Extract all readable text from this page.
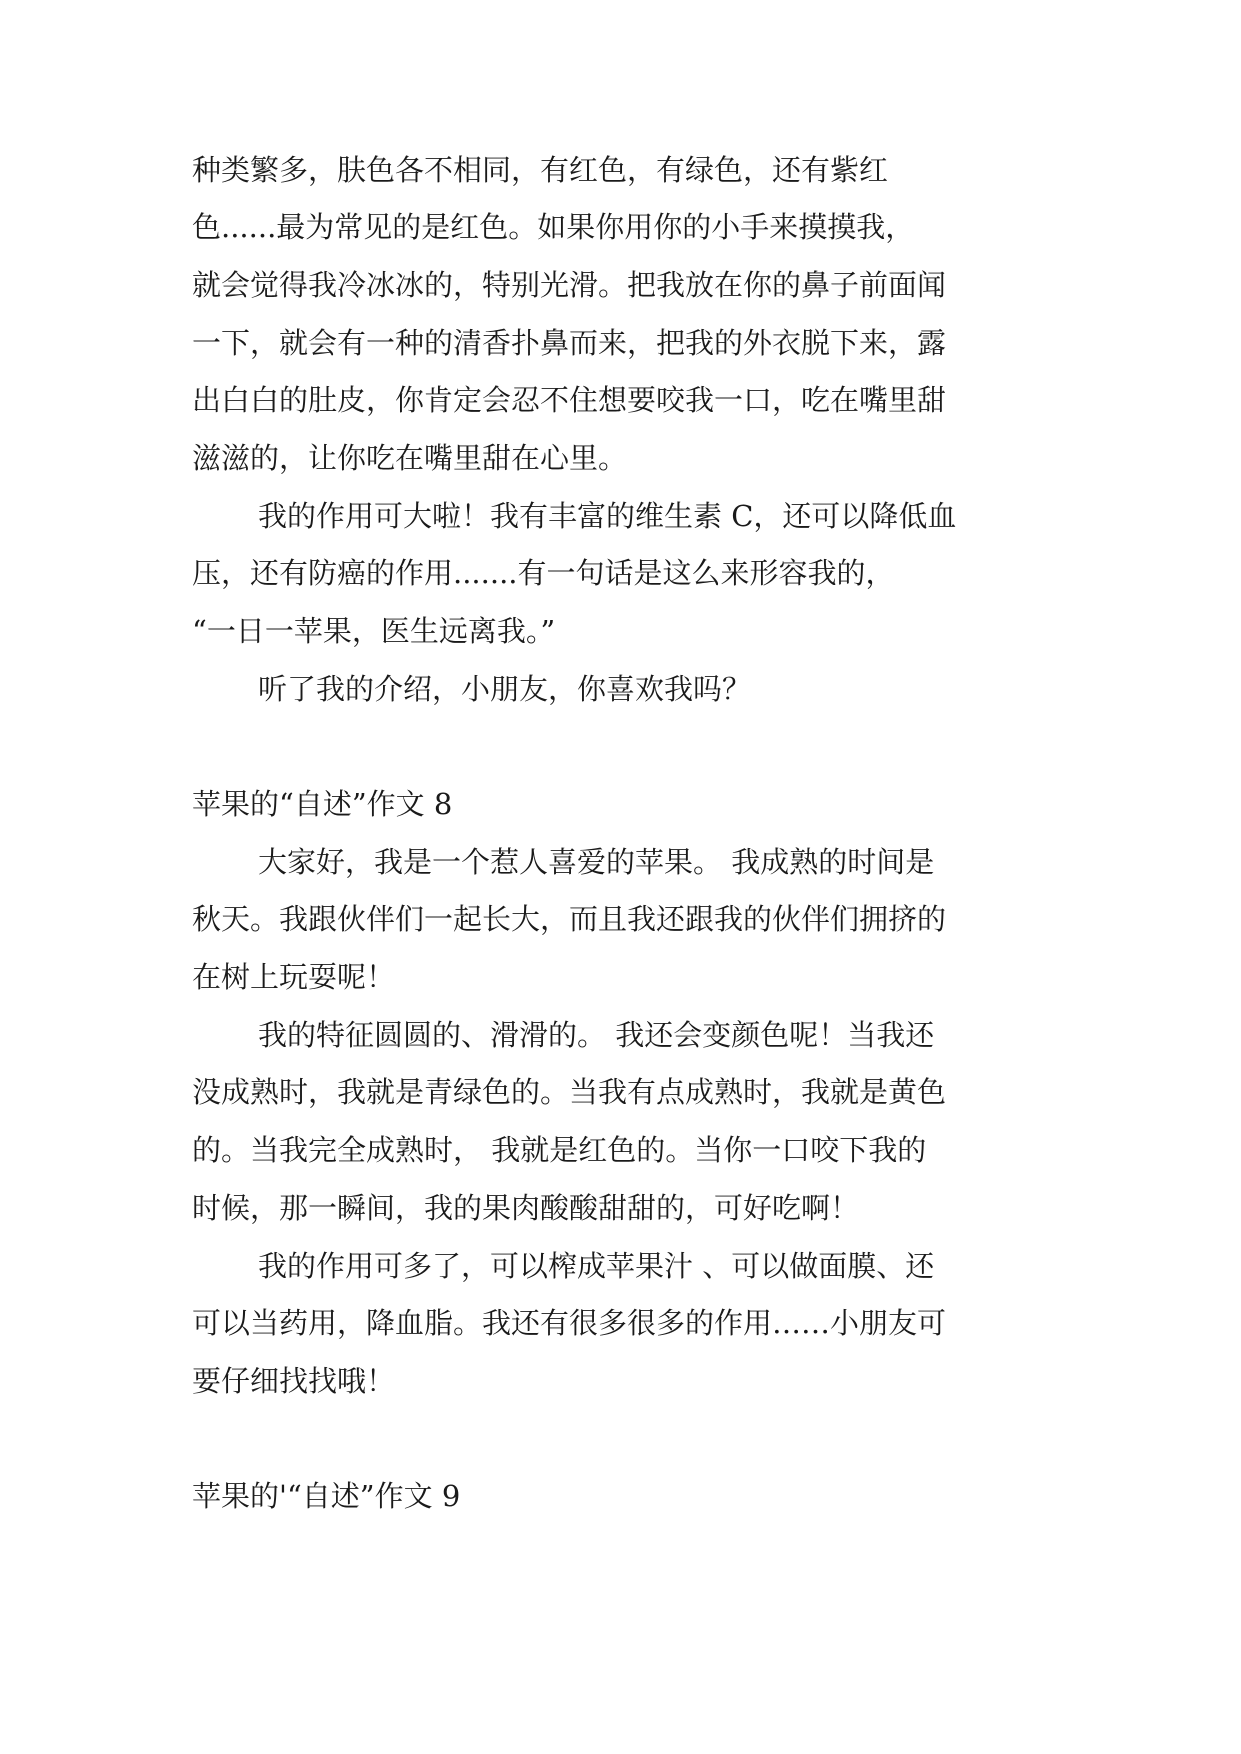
种类繁多，肤色各不相同，有红色，有绿色，还有紫红
色......最为常见的是红色。如果你用你的小手来摸摸我，
就会觉得我冷冰冰的，特别光滑。把我放在你的鼻子前面闻
一下，就会有一种的清香扑鼻而来，把我的外衣脱下来，露
出白白的肚皮，你肯定会忍不住想要咬我一口，吃在嘴里甜
滋滋的，让你吃在嘴里甜在心里。
我的作用可大啦！我有丰富的维生素 C，还可以降低血
压，还有防癌的作用.......有一句话是这么来形容我的，
“一日一苹果，医生远离我。”
听了我的介绍，小朋友，你喜欢我吗？
苹果的“自述”作文 8
大家好，我是一个惹人喜爱的苹果。 我成熟的时间是
秋天。我跟伙伴们一起长大，而且我还跟我的伙伴们拥挤的
在树上玩耍呢！
我的特征圆圆的、滑滑的。 我还会变颜色呢！当我还
没成熟时，我就是青绿色的。当我有点成熟时，我就是黄色
的。当我完全成熟时， 我就是红色的。当你一口咬下我的
时候，那一瞬间，我的果肉酸酸甜甜的，可好吃啊！
我的作用可多了，可以榨成苹果汁 、可以做面膜、还
可以当药用，降血脂。我还有很多很多的作用……小朋友可
要仔细找找哦！
苹果的'“自述”作文 9
